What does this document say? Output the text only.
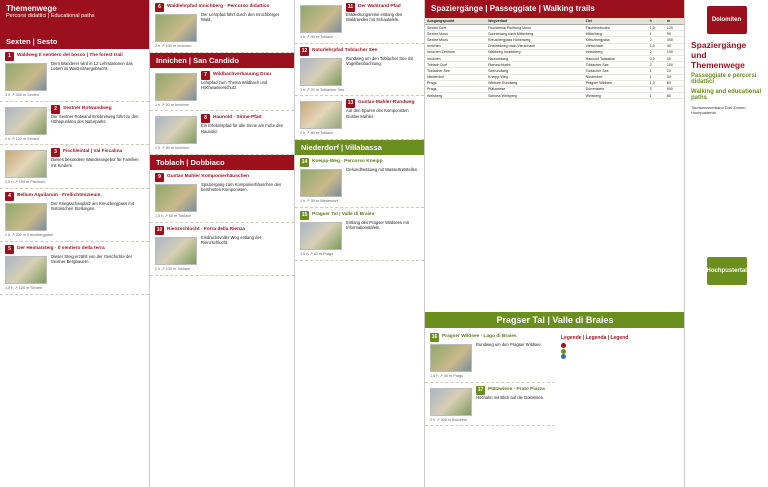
Themenwege
Percorsi didattici | Educational paths
Sexten | Sesto
1 Waldweg Il sentiero del bosco | The forest trail
Dem Wanderer wird in 12 Lehrstationen das Leben im Wald nähergebracht.
3 h ↗ 350 m Sexten
2 Sextner Rotwandweg
Der Sextner Rotwand-Erlebnisweg führt zu den Höhepunkten des Naturparks.
2 h ↗ 100 m Sexten
3 Fischleintal | Val Fiscalina
Dieses besondere Wanderangebot für Familien mit Kindern.
2,5 h ↗ 150 m Fischlein
4 Bellum Aquilarum · Freilichtmuseum
Der Kriegsschauplatz am Kreuzbergpass mit historischen Stellungen.
2 h ↗ 200 m Kreuzbergpass
5 Der Heimatsteig · Il sentiero della terra
Dieser Steig erzählt von der Geschichte der Sextner Bergbauern.
1,5 h ↗ 120 m Sexten
6 Waldlehrpfad Innichberg · Percorso didattico
Der Lehrpfad führt durch den Innichberger Wald.
2 h ↗ 190 m Innichen
Innichen | San Candido
7 Wildbachverbauung Drau
Lehrpfad zum Thema Wildbach und Hochwasserschutz.
1 h ↗ 50 m Innichen
8 Haunold · Sinne-Pfad
Ein Erlebnispfad für alle Sinne am Fuße des Haunold.
2 h ↗ 80 m Innichen
Toblach | Dobbiaco
9 Gustav Mahler Komponierhäuschen
Spaziergang zum Komponierhäuschen des berühmten Komponisten.
1,5 h ↗ 60 m Toblach
10 Rienzschlucht · Forra della Rienza
Eindrucksvoller Weg entlang der Rienzschlucht.
2 h ↗ 100 m Toblach
11 Der Waldrand Pfad
Entdeckungsreise entlang des Waldrandes mit Schautafeln.
1 h ↗ 40 m Toblach
12 Naturlehrpfad Toblacher See
Rundweg um den Toblacher See mit Vogelbeobachtung.
1 h ↗ 20 m Toblacher See
13 Gustav-Mahler-Rundweg
Auf den Spuren des Komponisten Gustav Mahler.
2 h ↗ 80 m Toblach
Niederdorf | Villabassa
14 Kneipp-Weg · Percorso Kneipp
Gesundheitsweg mit Wassertretstellen.
1 h ↗ 30 m Niederdorf
15 Pragser Tal | Valle di Braies
Entlang des Pragser Wildsees mit Informationstafeln.
1,5 h ↗ 60 m Prags
Spaziergänge | Passeggiate | Walking trails
Ausgangspunkt	Wegverlauf	Ziel	h	m
Sexten Dorf	Fischleintal Richtung Moos	Fischleinboden	1,5	120
Sexten Moos	Sonnenweg nach Mitterberg	Mitterberg	1	90
Sexten Moos	Kreuzbergpass Höhenweg	Kreuzbergpass	2	300
Innichen	Drauradweg nach Vierschach	Vierschach	1,5	40
Innichen Zentrum	Waldweg Innichberg	Innichberg	2	190
Innichen	Haunoldweg	Haunold Talstation	0,5	30
Toblach Dorf	Rienzschlucht	Toblacher See	2	100
Toblacher See	Seerundweg	Toblacher See	1	20
Niederdorf	Kneipp-Weg	Niederdorf	1	30
Prags	Wildsee-Rundweg	Pragser Wildsee	1,5	60
Prags	Plätzwiese	Dürrenstein	3	500
Welsberg	Schloss Welsperg	Welsberg	1	80
Pragser Tal | Valle di Braies
16 Pragser Wildsee · Lago di Braies
Rundweg um den Pragser Wildsee.
1,5 h ↗ 40 m Prags
17 Plätzwiese · Prato Piazza
Hochalm mit Blick auf die Dolomiten.
2 h ↗ 300 m Brückele
Legende | Legenda | Legend
Dolomiten
Spaziergänge und Themenwege
Passeggiate e percorsi didattici
Walking and educational paths
Tourismusverband Drei Zinnen · Hochpustertal
Hochpustertal
